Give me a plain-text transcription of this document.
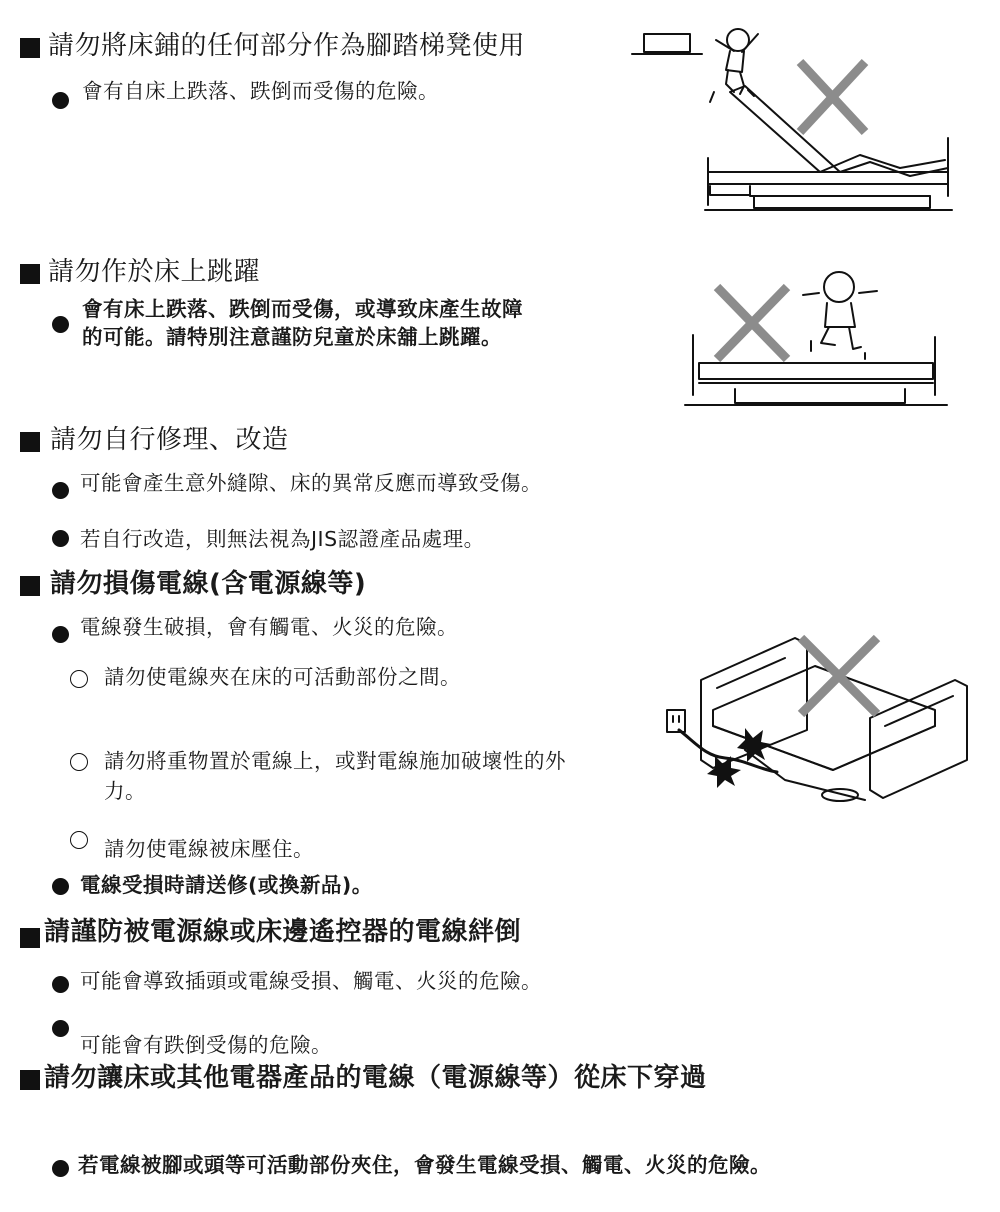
請勿將床鋪的任何部分作為腳踏梯凳使用
會有自床上跌落、跌倒而受傷的危險。
請勿作於床上跳躍
會有床上跌落、跌倒而受傷，或導致床產生故障
的可能。請特別注意謹防兒童於床舖上跳躍。
請勿自行修理、改造
可能會產生意外縫隙、床的異常反應而導致受傷。
若自行改造，則無法視為JIS認證產品處理。
請勿損傷電線(含電源線等)
電線發生破損，會有觸電、火災的危險。
請勿使電線夾在床的可活動部份之間。
請勿將重物置於電線上，或對電線施加破壞性的外
力。
請勿使電線被床壓住。
電線受損時請送修(或換新品)。
請謹防被電源線或床邊遙控器的電線絆倒
可能會導致插頭或電線受損、觸電、火災的危險。
可能會有跌倒受傷的危險。
請勿讓床或其他電器產品的電線（電源線等）從床下穿過
若電線被腳或頭等可活動部份夾住，會發生電線受損、觸電、火災的危險。
